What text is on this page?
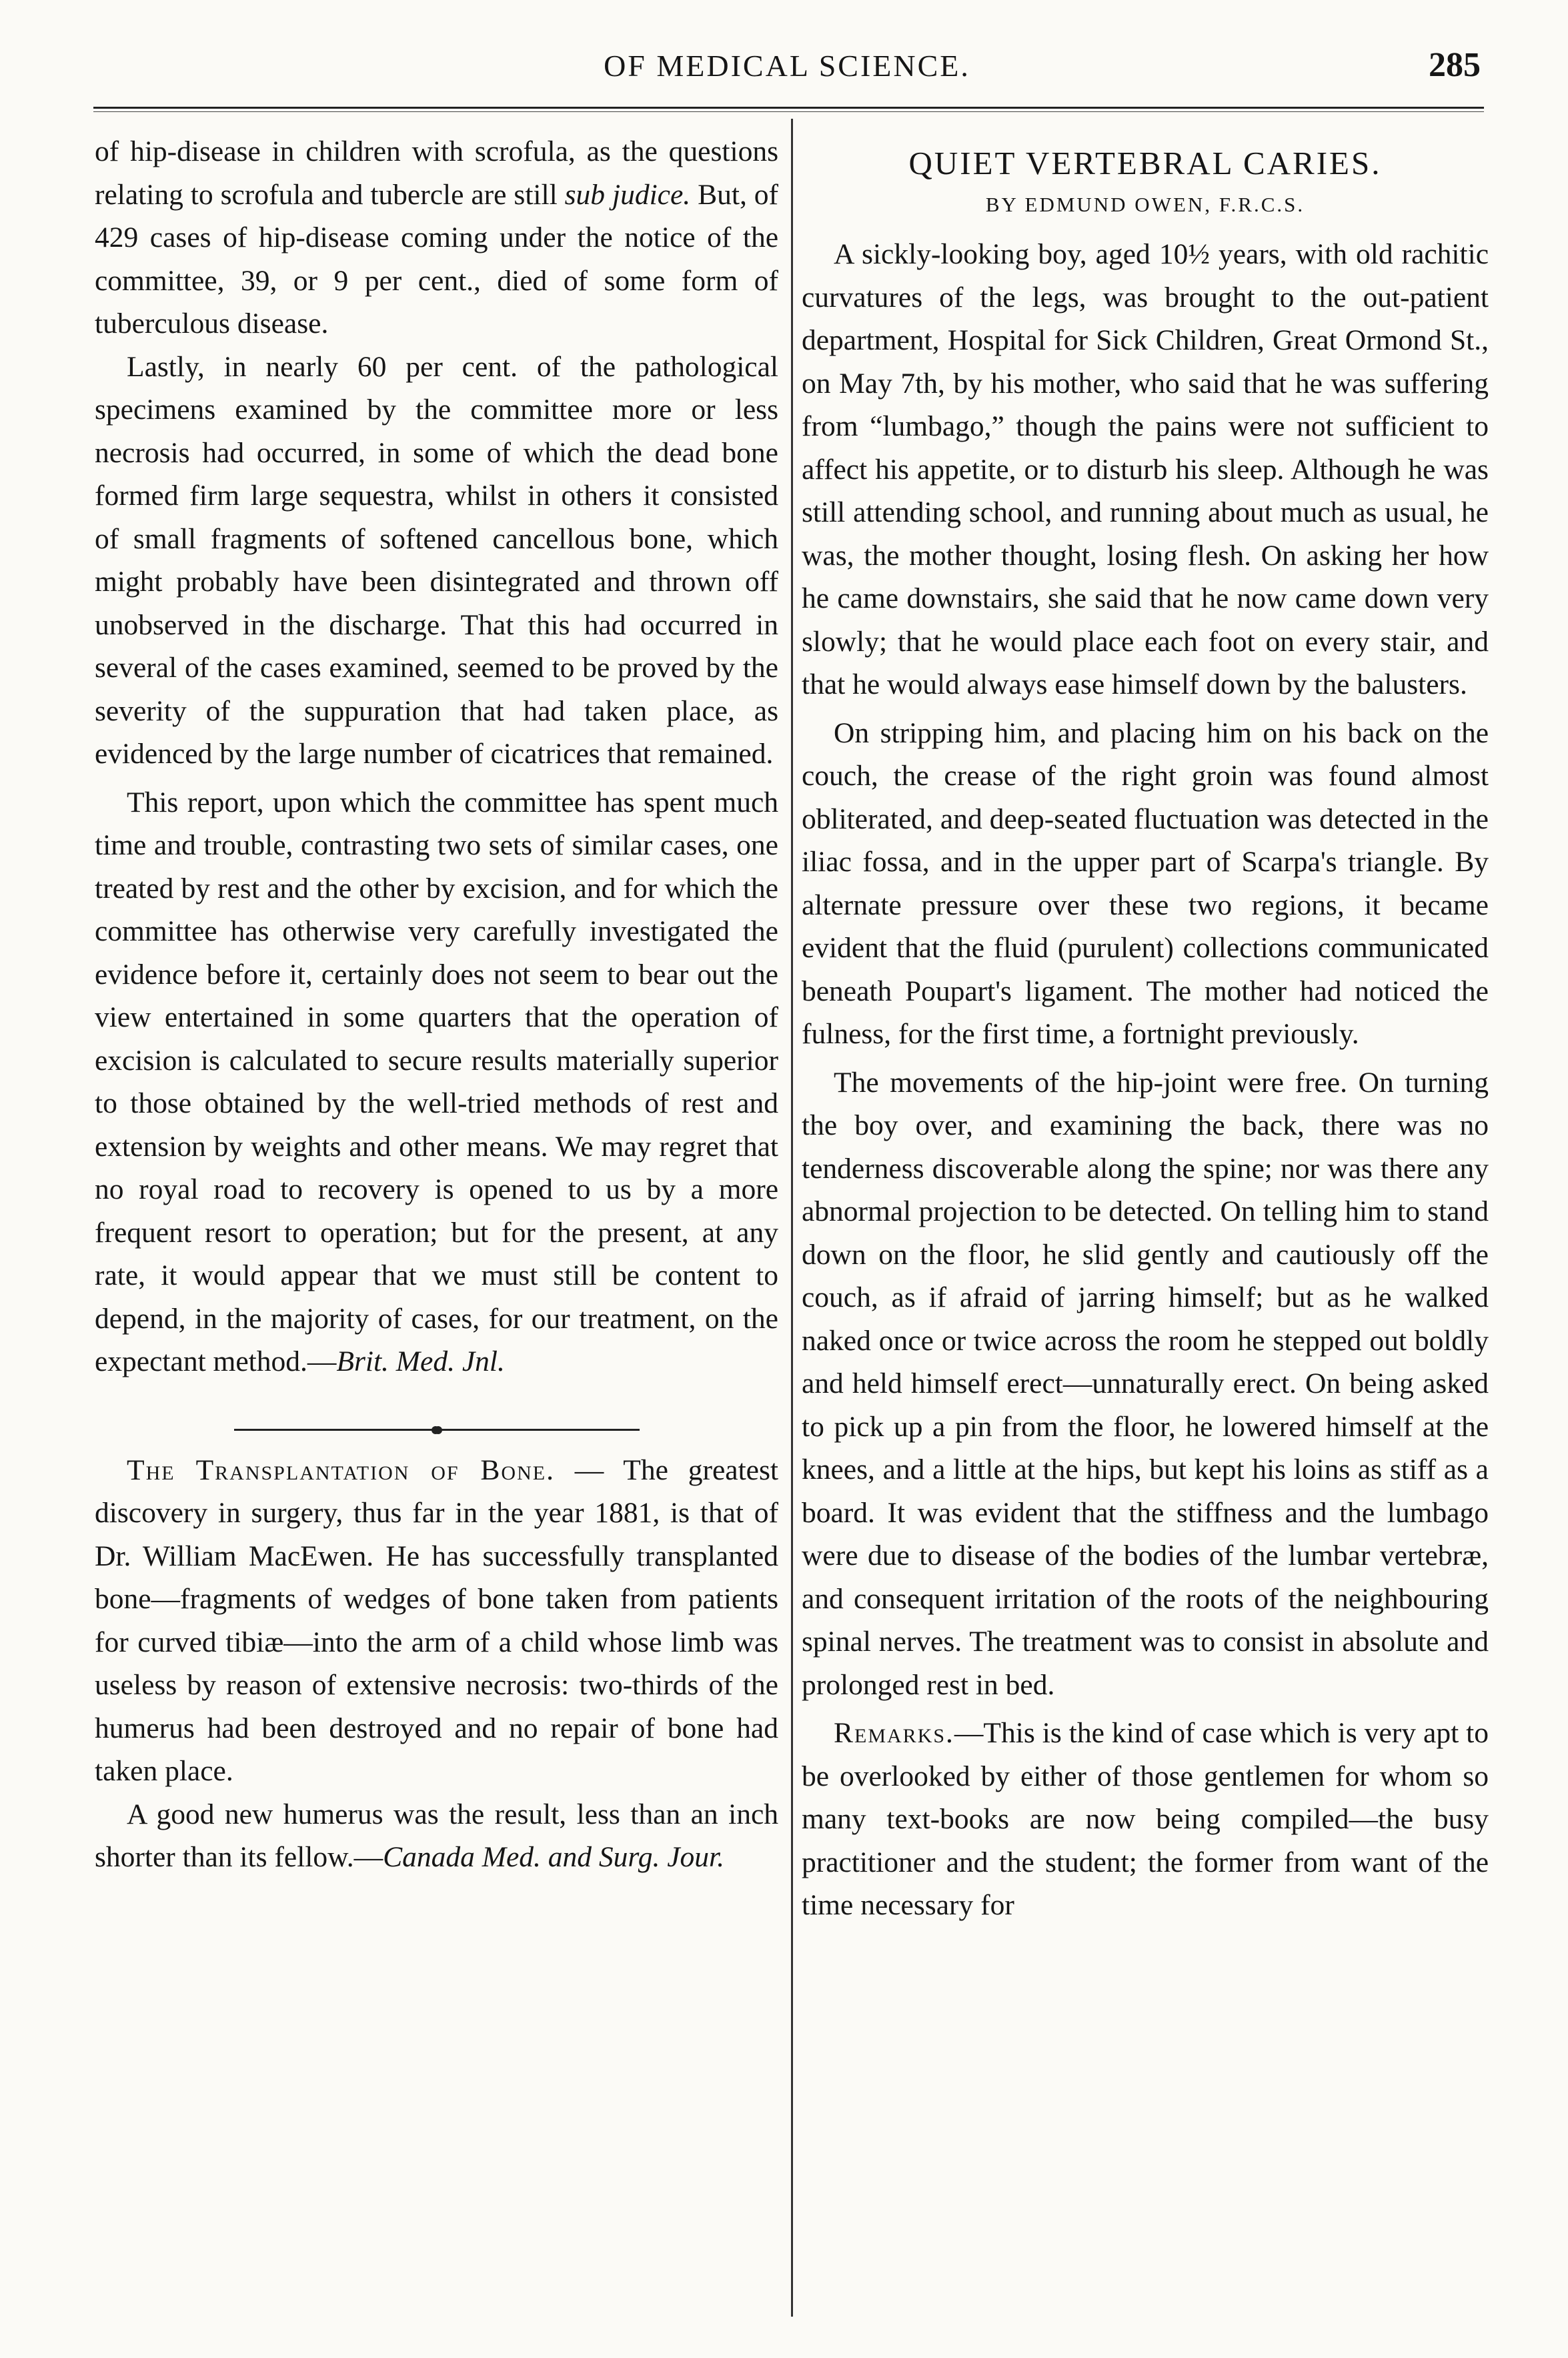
OF MEDICAL SCIENCE.	285

of hip-disease in children with scrofula, as the questions relating to scrofula and tubercle are still sub judice. But, of 429 cases of hip-disease coming under the notice of the committee, 39, or 9 per cent., died of some form of tuberculous disease.

Lastly, in nearly 60 per cent. of the pathological specimens examined by the committee more or less necrosis had occurred, in some of which the dead bone formed firm large sequestra, whilst in others it consisted of small fragments of softened cancellous bone, which might probably have been disintegrated and thrown off unobserved in the discharge. That this had occurred in several of the cases examined, seemed to be proved by the severity of the suppuration that had taken place, as evidenced by the large number of cicatrices that remained.

This report, upon which the committee has spent much time and trouble, contrasting two sets of similar cases, one treated by rest and the other by excision, and for which the committee has otherwise very carefully investigated the evidence before it, certainly does not seem to bear out the view entertained in some quarters that the operation of excision is calculated to secure results materially superior to those obtained by the well-tried methods of rest and extension by weights and other means. We may regret that no royal road to recovery is opened to us by a more frequent resort to operation; but for the present, at any rate, it would appear that we must still be content to depend, in the majority of cases, for our treatment, on the expectant method.—Brit. Med. Jnl.

The Transplantation of Bone. — The greatest discovery in surgery, thus far in the year 1881, is that of Dr. William MacEwen. He has successfully transplanted bone—fragments of wedges of bone taken from patients for curved tibiæ—into the arm of a child whose limb was useless by reason of extensive necrosis: two-thirds of the humerus had been destroyed and no repair of bone had taken place.

A good new humerus was the result, less than an inch shorter than its fellow.—Canada Med. and Surg. Jour.

QUIET VERTEBRAL CARIES.
BY EDMUND OWEN, F.R.C.S.

A sickly-looking boy, aged 10½ years, with old rachitic curvatures of the legs, was brought to the out-patient department, Hospital for Sick Children, Great Ormond St., on May 7th, by his mother, who said that he was suffering from “lumbago,” though the pains were not sufficient to affect his appetite, or to disturb his sleep. Although he was still attending school, and running about much as usual, he was, the mother thought, losing flesh. On asking her how he came downstairs, she said that he now came down very slowly; that he would place each foot on every stair, and that he would always ease himself down by the balusters.

On stripping him, and placing him on his back on the couch, the crease of the right groin was found almost obliterated, and deep-seated fluctuation was detected in the iliac fossa, and in the upper part of Scarpa's triangle. By alternate pressure over these two regions, it became evident that the fluid (purulent) collections communicated beneath Poupart's ligament. The mother had noticed the fulness, for the first time, a fortnight previously.

The movements of the hip-joint were free. On turning the boy over, and examining the back, there was no tenderness discoverable along the spine; nor was there any abnormal projection to be detected. On telling him to stand down on the floor, he slid gently and cautiously off the couch, as if afraid of jarring himself; but as he walked naked once or twice across the room he stepped out boldly and held himself erect—unnaturally erect. On being asked to pick up a pin from the floor, he lowered himself at the knees, and a little at the hips, but kept his loins as stiff as a board. It was evident that the stiffness and the lumbago were due to disease of the bodies of the lumbar vertebræ, and consequent irritation of the roots of the neighbouring spinal nerves. The treatment was to consist in absolute and prolonged rest in bed.

Remarks.—This is the kind of case which is very apt to be overlooked by either of those gentlemen for whom so many text-books are now being compiled—the busy practitioner and the student; the former from want of the time necessary for
